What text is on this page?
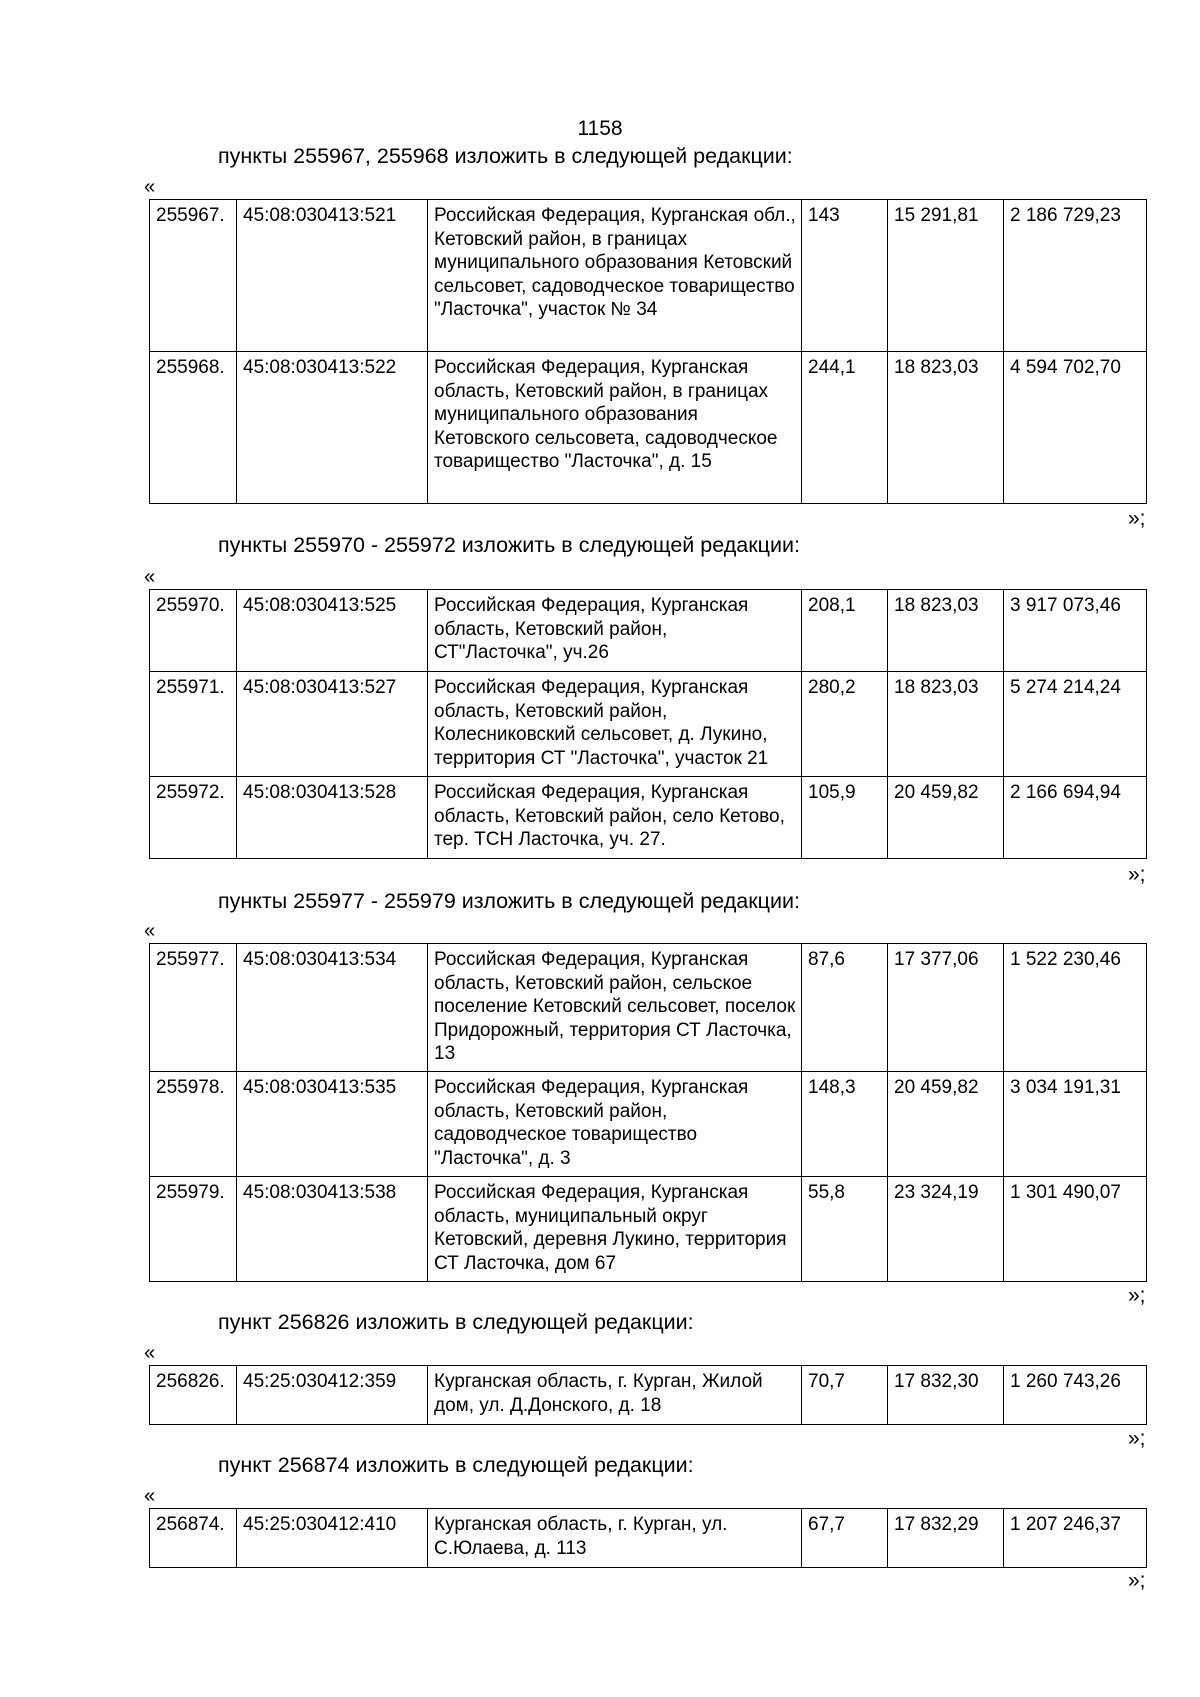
1158
пункты 255967, 255968 изложить в следующей редакции:
«
255967.	45:08:030413:521	Российская Федерация, Курганская обл., Кетовский район, в границах муниципального образования Кетовский сельсовет, садоводческое товарищество "Ласточка", участок № 34	143	15 291,81	2 186 729,23
255968.	45:08:030413:522	Российская Федерация, Курганская область, Кетовский район, в границах муниципального образования Кетовского сельсовета, садоводческое товарищество "Ласточка", д. 15	244,1	18 823,03	4 594 702,70
»;
пункты 255970 - 255972 изложить в следующей редакции:
«
255970.	45:08:030413:525	Российская Федерация, Курганская область, Кетовский район, СТ"Ласточка", уч.26	208,1	18 823,03	3 917 073,46
255971.	45:08:030413:527	Российская Федерация, Курганская область, Кетовский район, Колесниковский сельсовет, д. Лукино, территория СТ "Ласточка", участок 21	280,2	18 823,03	5 274 214,24
255972.	45:08:030413:528	Российская Федерация, Курганская область, Кетовский район, село Кетово, тер. ТСН Ласточка, уч. 27.	105,9	20 459,82	2 166 694,94
»;
пункты 255977 - 255979 изложить в следующей редакции:
«
255977.	45:08:030413:534	Российская Федерация, Курганская область, Кетовский район, сельское поселение Кетовский сельсовет, поселок Придорожный, территория СТ Ласточка, 13	87,6	17 377,06	1 522 230,46
255978.	45:08:030413:535	Российская Федерация, Курганская область, Кетовский район, садоводческое товарищество "Ласточка", д. 3	148,3	20 459,82	3 034 191,31
255979.	45:08:030413:538	Российская Федерация, Курганская область, муниципальный округ Кетовский, деревня Лукино, территория СТ Ласточка, дом 67	55,8	23 324,19	1 301 490,07
»;
пункт 256826 изложить в следующей редакции:
«
256826.	45:25:030412:359	Курганская область, г. Курган, Жилой дом, ул. Д.Донского, д. 18	70,7	17 832,30	1 260 743,26
»;
пункт 256874 изложить в следующей редакции:
«
256874.	45:25:030412:410	Курганская область, г. Курган, ул. С.Юлаева, д. 113	67,7	17 832,29	1 207 246,37
»;
